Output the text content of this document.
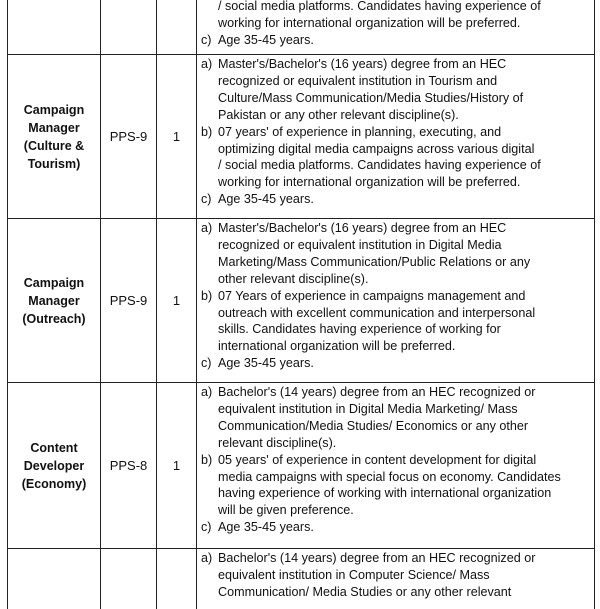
/ social media platforms. Candidates having experience of
working for international organization will be preferred.
c) Age 35-45 years.
Campaign
Manager
(Culture &
Tourism)
PPS-9 1
a) Master's/Bachelor's (16 years) degree from an HEC
recognized or equivalent institution in Tourism and
Culture/Mass Communication/Media Studies/History of
Pakistan or any other relevant discipline(s).
b) 07 years' of experience in planning, executing, and
optimizing digital media campaigns across various digital
/ social media platforms. Candidates having experience of
working for international organization will be preferred.
c) Age 35-45 years.
Campaign
Manager
(Outreach)
PPS-9 1
a) Master's/Bachelor's (16 years) degree from an HEC
recognized or equivalent institution in Digital Media
Marketing/Mass Communication/Public Relations or any
other relevant discipline(s).
b) 07 Years of experience in campaigns management and
outreach with excellent communication and interpersonal
skills. Candidates having experience of working for
international organization will be preferred.
c) Age 35-45 years.
Content
Developer
(Economy)
PPS-8 1
a) Bachelor's (14 years) degree from an HEC recognized or
equivalent institution in Digital Media Marketing/ Mass
Communication/Media Studies/ Economics or any other
relevant discipline(s).
b) 05 years' of experience in content development for digital
media campaigns with special focus on economy. Candidates
having experience of working with international organization
will be given preference.
c) Age 35-45 years.
a) Bachelor's (14 years) degree from an HEC recognized or
equivalent institution in Computer Science/ Mass
Communication/ Media Studies or any other relevant
